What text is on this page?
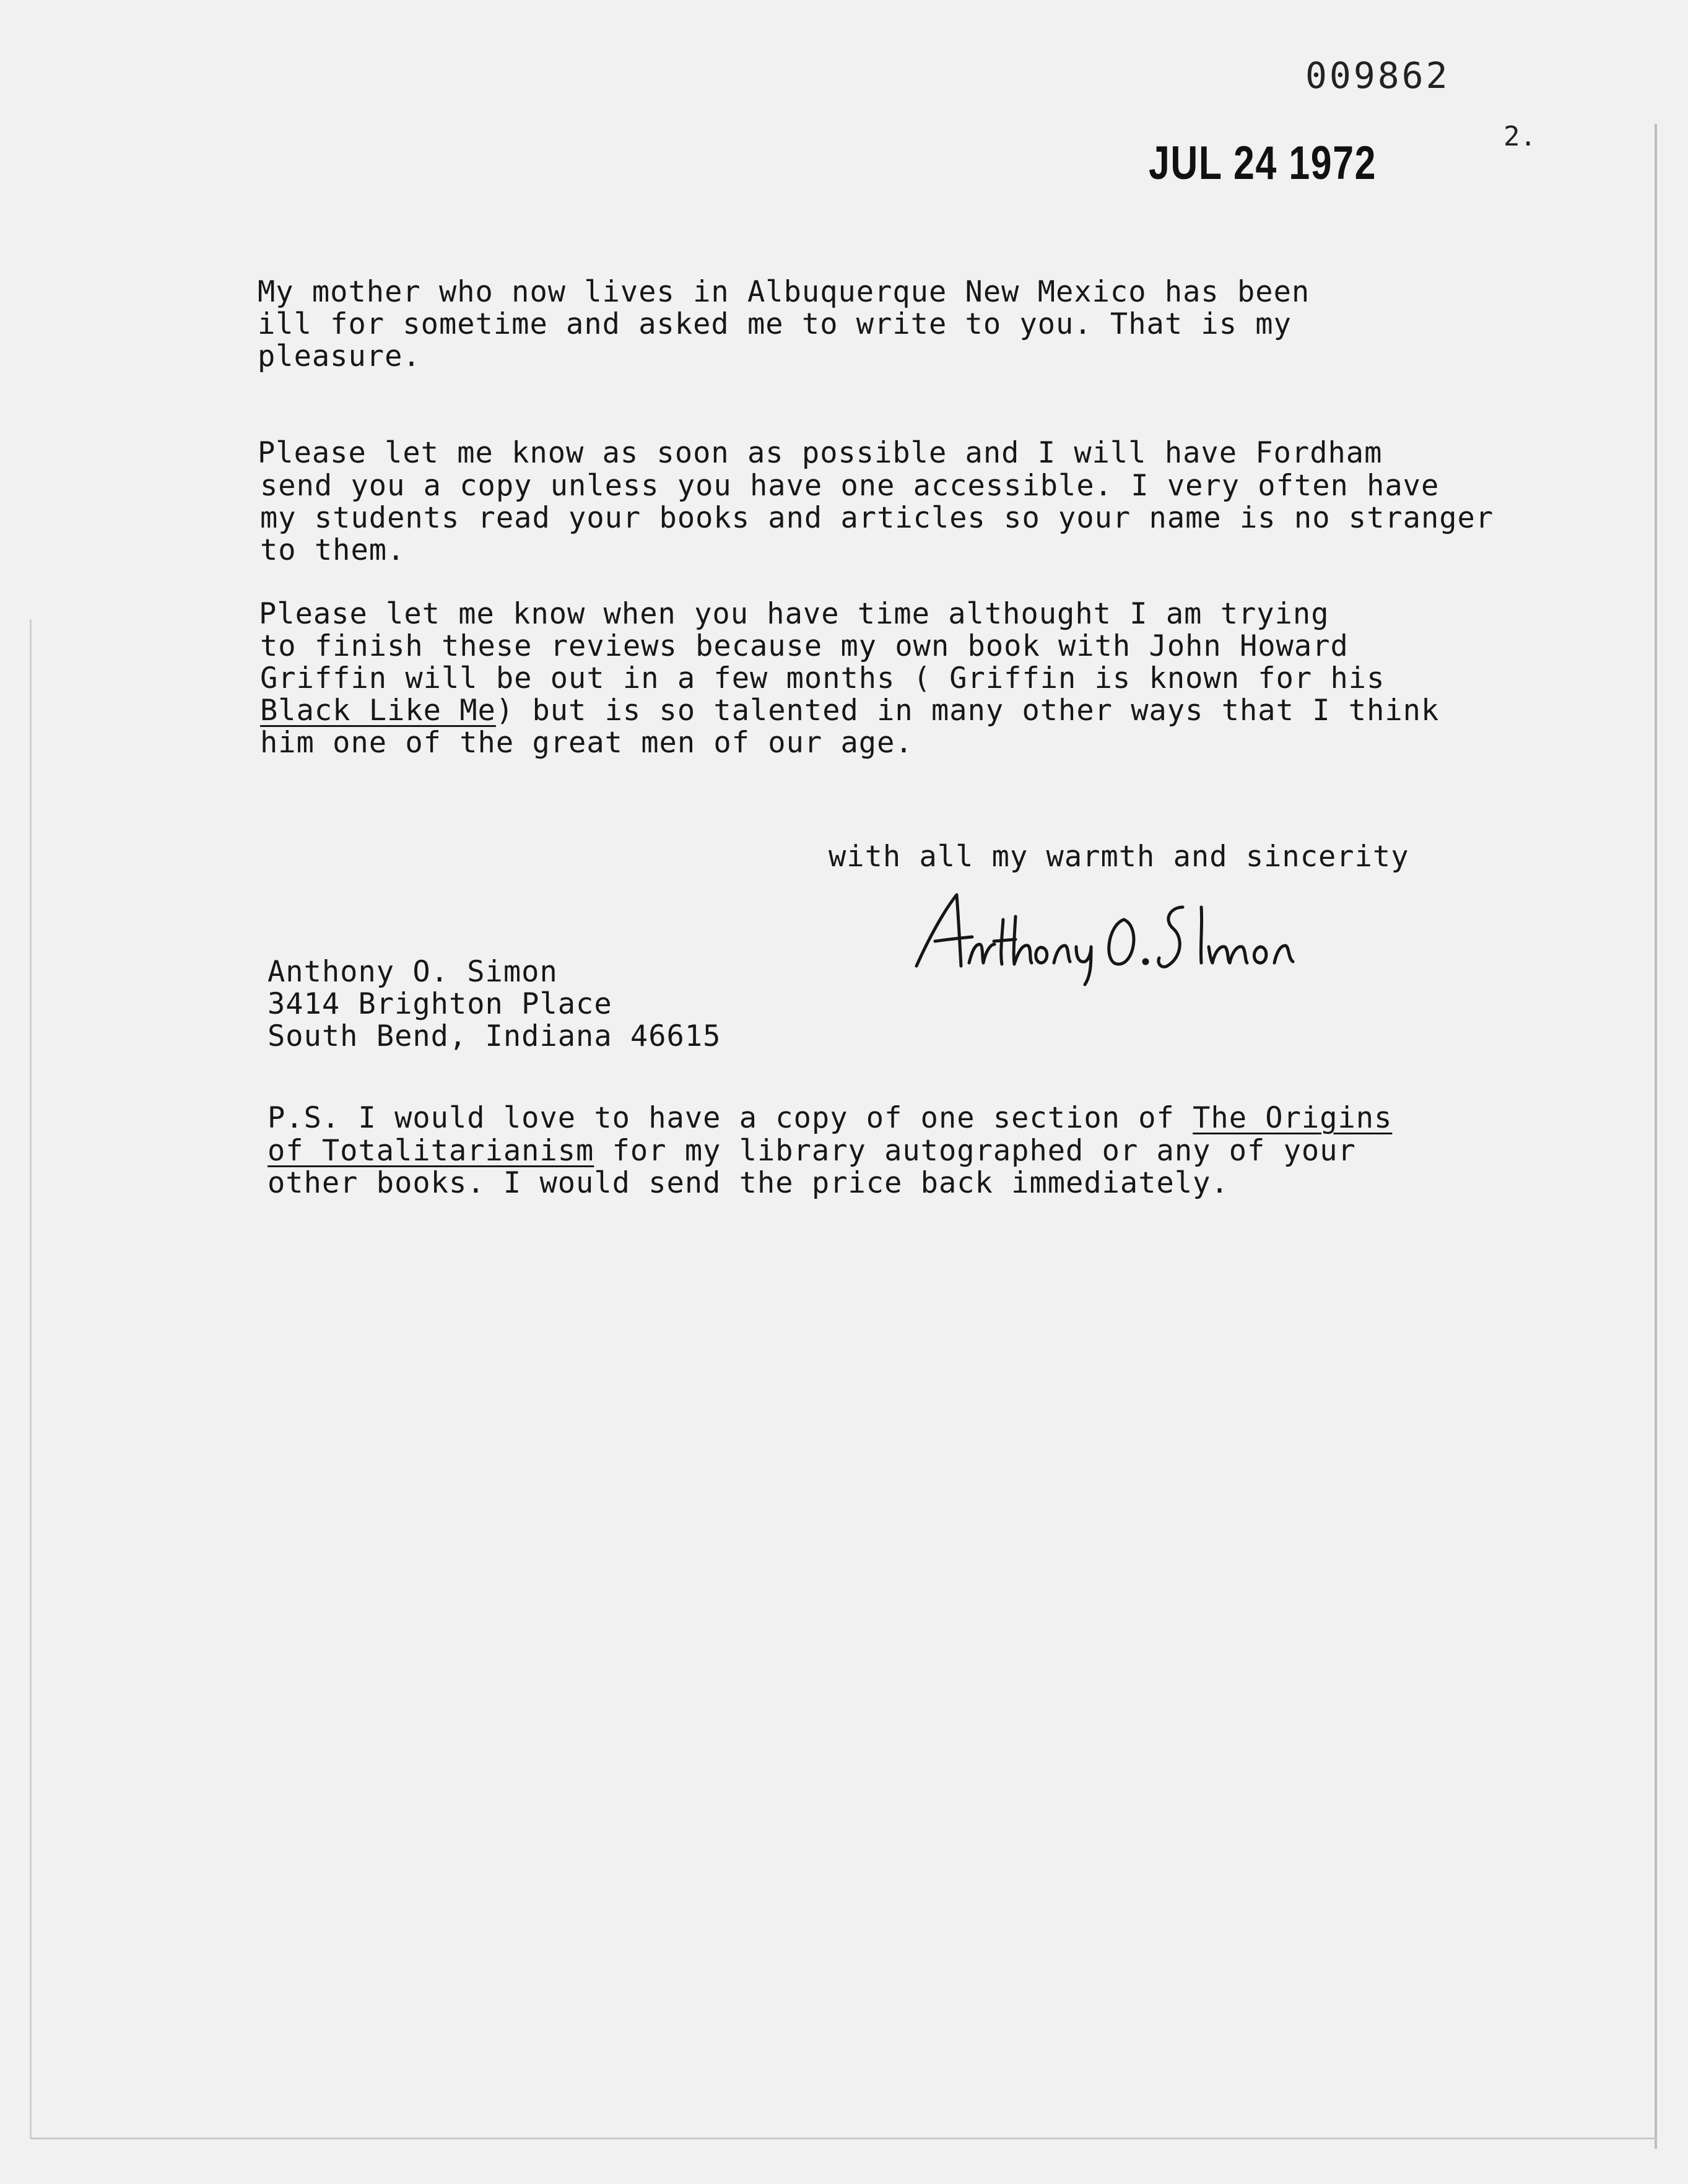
009862
JUL 24 1972
2.
My mother who now lives in Albuquerque New Mexico has been
ill for sometime and asked me to write to you. That is my
pleasure.
Please let me know as soon as possible and I will have Fordham
send you a copy unless you have one accessible. I very often have
my students read your books and articles so your name is no stranger
to them.
Please let me know when you have time althought I am trying
to finish these reviews because my own book with John Howard
Griffin will be out in a few months ( Griffin is known for his
Black Like Me) but is so talented in many other ways that I think
him one of the great men of our age.
with all my warmth and sincerity
Anthony O. Simon
3414 Brighton Place
South Bend, Indiana 46615
P.S. I would love to have a copy of one section of The Origins
of Totalitarianism for my library autographed or any of your
other books. I would send the price back immediately.
